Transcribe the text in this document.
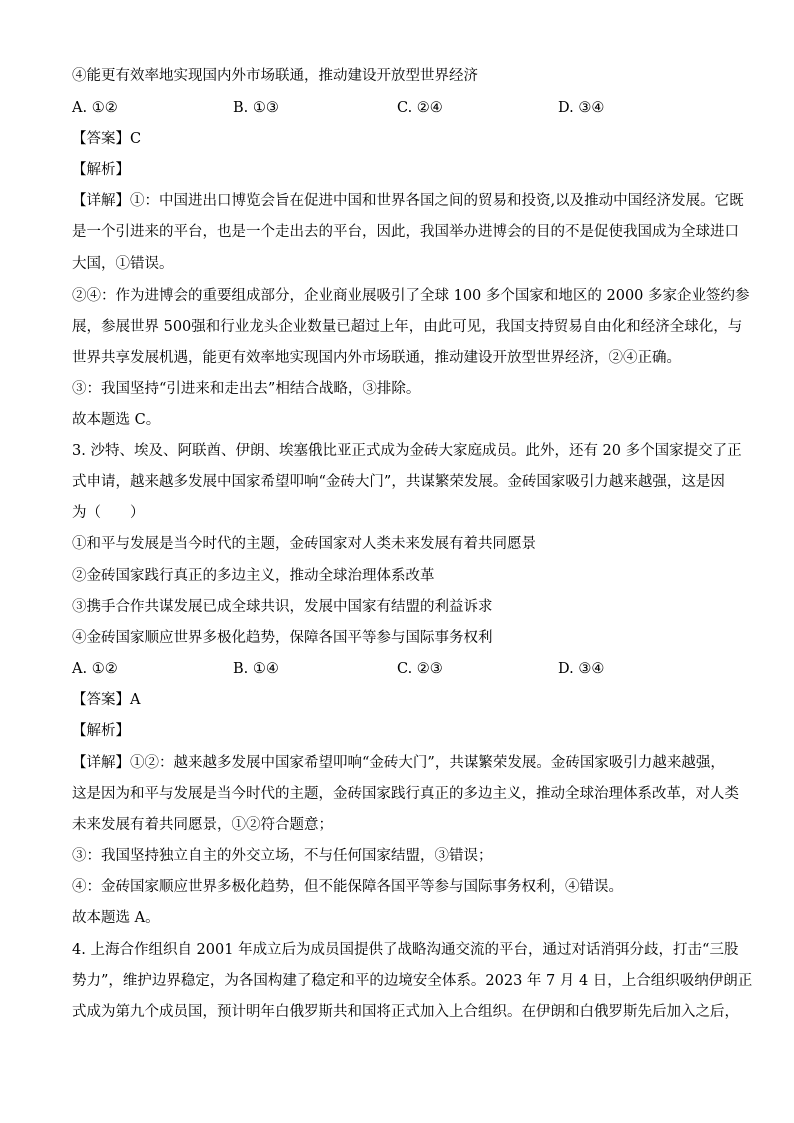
④能更有效率地实现国内外市场联通，推动建设开放型世界经济
A. ①②	B. ①③	C. ②④	D. ③④
【答案】C
【解析】
【详解】①：中国进出口博览会旨在促进中国和世界各国之间的贸易和投资,以及推动中国经济发展。它既
是一个引进来的平台，也是一个走出去的平台，因此，我国举办进博会的目的不是促使我国成为全球进口
大国，①错误。
②④：作为进博会的重要组成部分，企业商业展吸引了全球 100 多个国家和地区的 2000 多家企业签约参
展，参展世界 500强和行业龙头企业数量已超过上年，由此可见，我国支持贸易自由化和经济全球化，与
世界共享发展机遇，能更有效率地实现国内外市场联通，推动建设开放型世界经济，②④正确。
③：我国坚持“引进来和走出去”相结合战略，③排除。
故本题选 C。
3. 沙特、埃及、阿联酋、伊朗、埃塞俄比亚正式成为金砖大家庭成员。此外，还有 20 多个国家提交了正
式申请，越来越多发展中国家希望叩响“金砖大门”，共谋繁荣发展。金砖国家吸引力越来越强，这是因
为（　　）
①和平与发展是当今时代的主题，金砖国家对人类未来发展有着共同愿景
②金砖国家践行真正的多边主义，推动全球治理体系改革
③携手合作共谋发展已成全球共识，发展中国家有结盟的利益诉求
④金砖国家顺应世界多极化趋势，保障各国平等参与国际事务权利
A. ①②	B. ①④	C. ②③	D. ③④
【答案】A
【解析】
【详解】①②：越来越多发展中国家希望叩响“金砖大门”，共谋繁荣发展。金砖国家吸引力越来越强，
这是因为和平与发展是当今时代的主题，金砖国家践行真正的多边主义，推动全球治理体系改革，对人类
未来发展有着共同愿景，①②符合题意；
③：我国坚持独立自主的外交立场，不与任何国家结盟，③错误；
④：金砖国家顺应世界多极化趋势，但不能保障各国平等参与国际事务权利，④错误。
故本题选 A。
4. 上海合作组织自 2001 年成立后为成员国提供了战略沟通交流的平台，通过对话消弭分歧，打击“三股
势力”，维护边界稳定，为各国构建了稳定和平的边境安全体系。2023 年 7 月 4 日，上合组织吸纳伊朗正
式成为第九个成员国，预计明年白俄罗斯共和国将正式加入上合组织。在伊朗和白俄罗斯先后加入之后，
